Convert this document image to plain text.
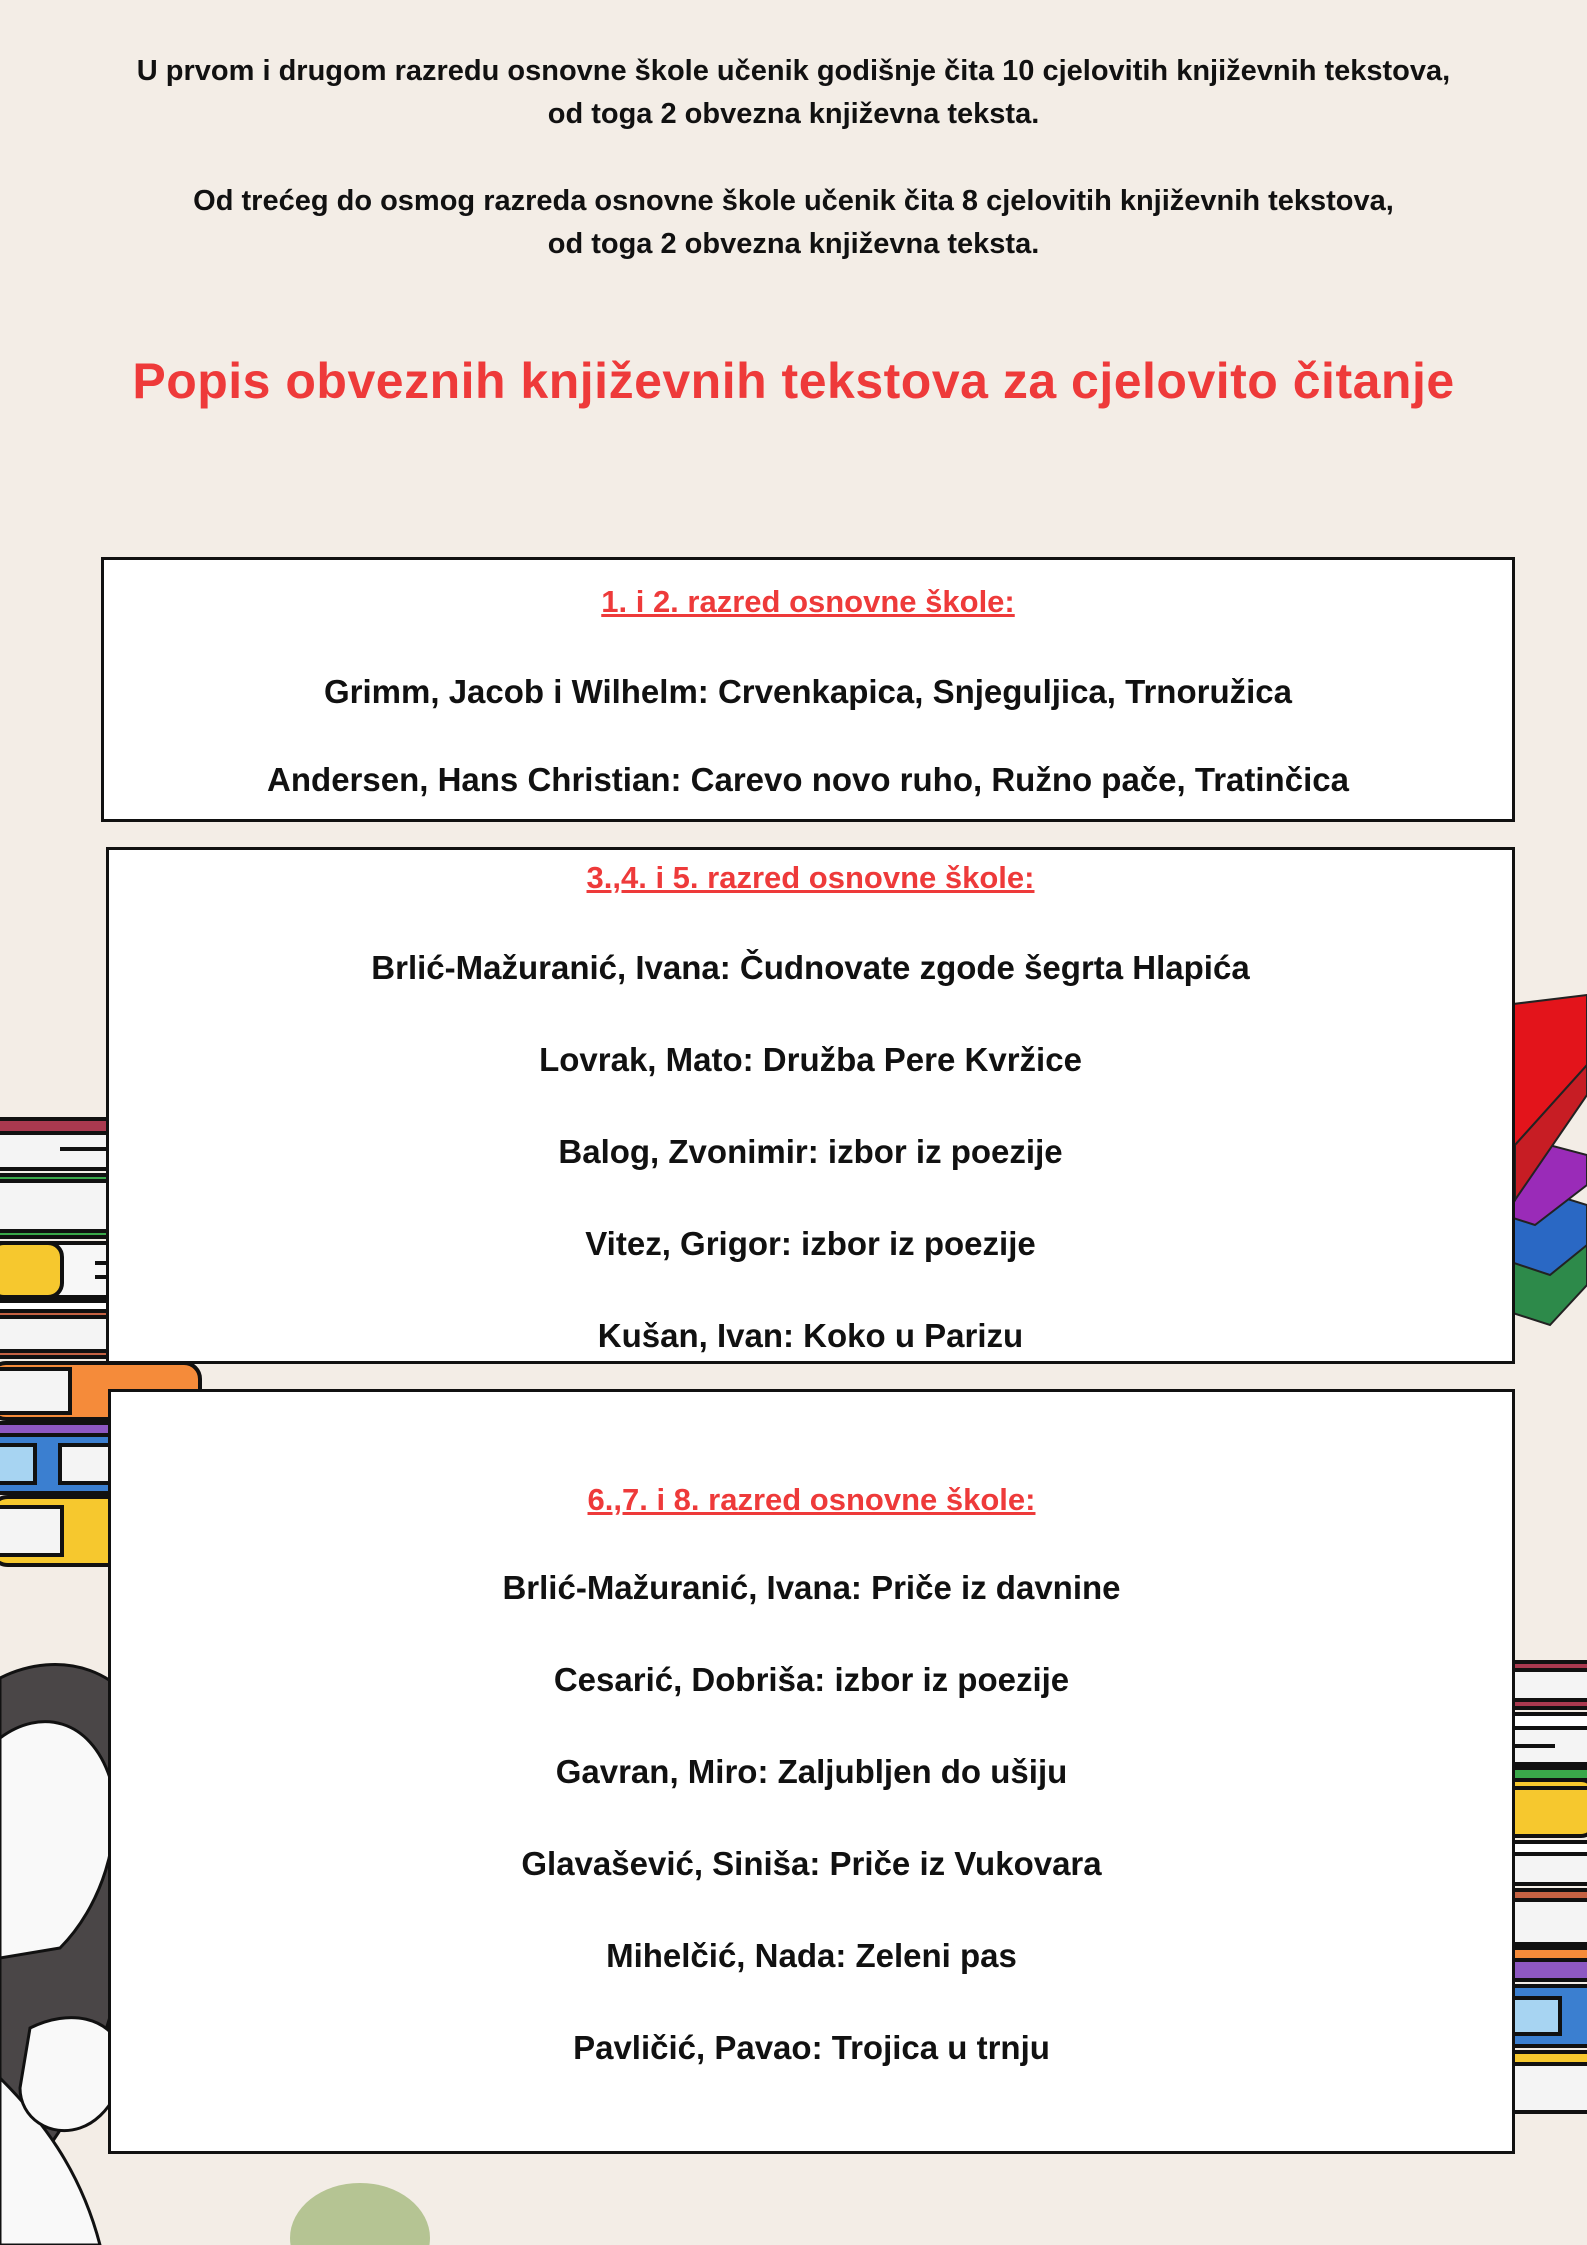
U prvom i drugom razredu osnovne škole učenik godišnje čita 10 cjelovitih književnih tekstova,

od toga 2 obvezna književna teksta.

Od trećeg do osmog razreda osnovne škole učenik čita 8 cjelovitih književnih tekstova,

od toga 2 obvezna književna teksta.

Popis obveznih književnih tekstova za cjelovito čitanje
1. i 2. razred osnovne škole:

Grimm, Jacob i Wilhelm: Crvenkapica, Snjeguljica, Trnoružica

Andersen, Hans Christian: Carevo novo ruho, Ružno pače, Tratinčica

3.,4. i 5. razred osnovne škole:

Brlić-Mažuranić, Ivana: Čudnovate zgode šegrta Hlapića

Lovrak, Mato: Družba Pere Kvržice

Balog, Zvonimir: izbor iz poezije

Vitez, Grigor: izbor iz poezije

Kušan, Ivan: Koko u Parizu

6.,7. i 8. razred osnovne škole:

Brlić-Mažuranić, Ivana: Priče iz davnine

Cesarić, Dobriša: izbor iz poezije

Gavran, Miro: Zaljubljen do ušiju

Glavašević, Siniša: Priče iz Vukovara

Mihelčić, Nada: Zeleni pas

Pavličić, Pavao: Trojica u trnju
